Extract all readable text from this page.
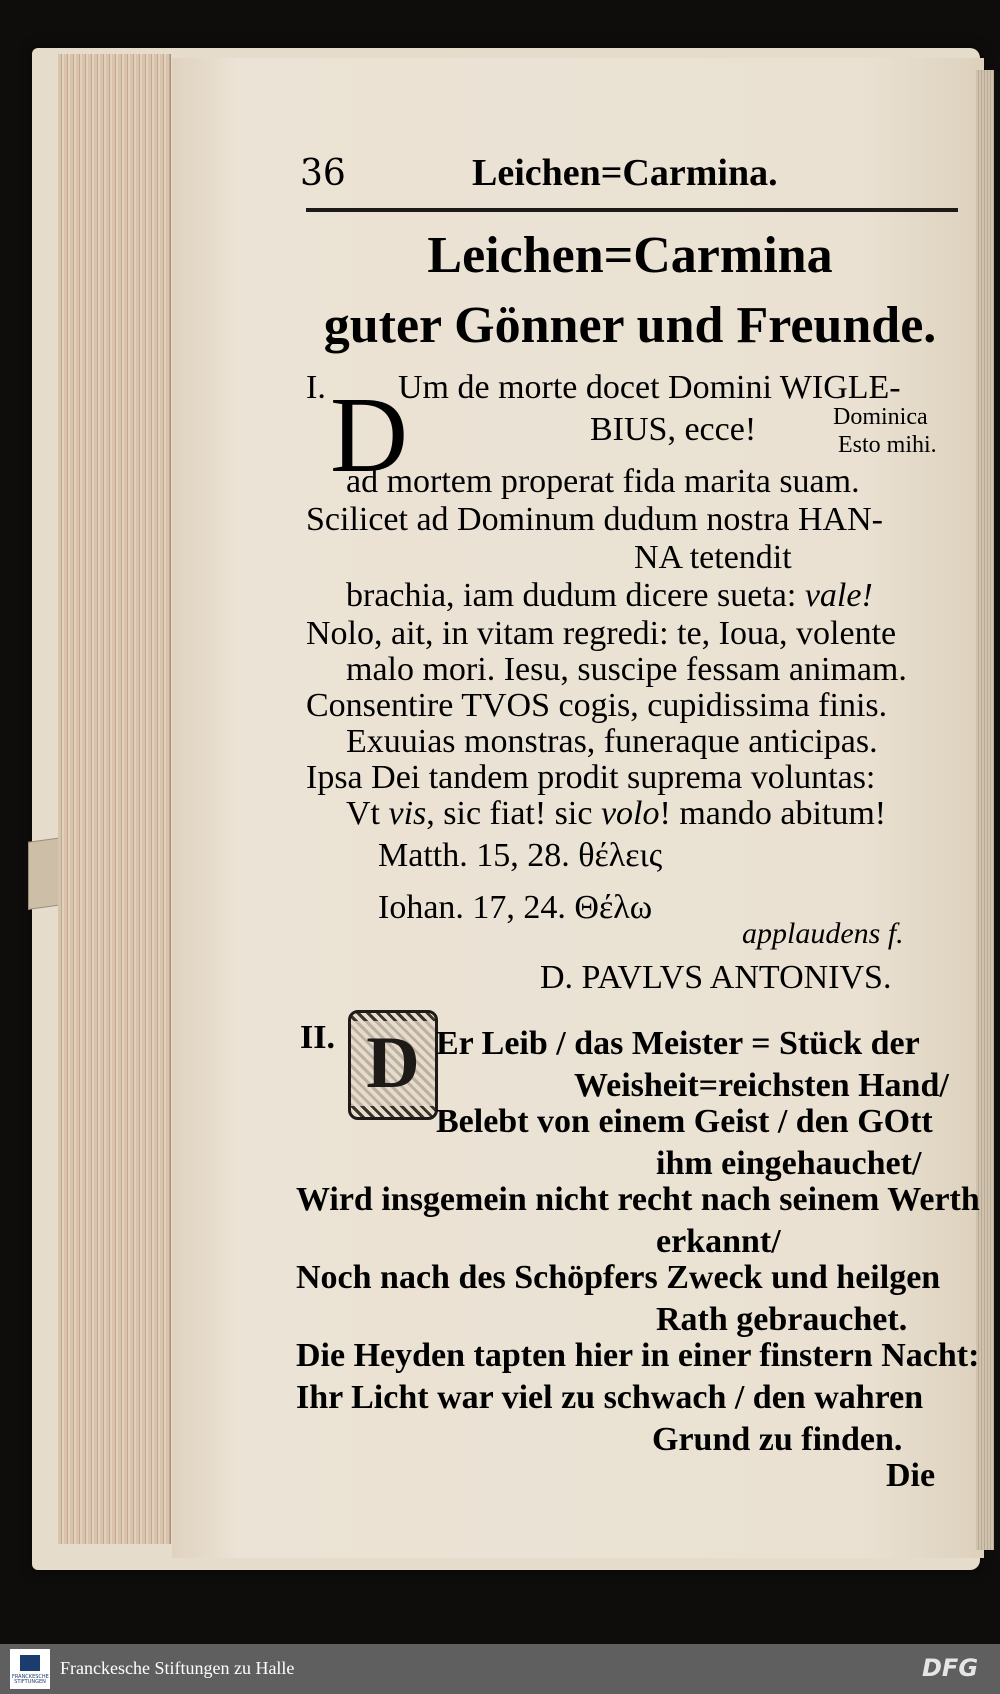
36	Leichen=Carmina.
Leichen=Carmina
guter Gönner und Freunde.
I. D
Um de morte docet Domini WIGLE-
BIUS, ecce!	Dominica
Esto mihi.
ad mortem properat fida marita suam.
Scilicet ad Dominum dudum nostra HAN-
NA tetendit
brachia, iam dudum dicere sueta: vale!
Nolo, ait, in vitam regredi: te, Ioua, volente
malo mori. Iesu, suscipe fessam animam.
Consentire TVOS cogis, cupidissima finis.
Exuuias monstras, funeraque anticipas.
Ipsa Dei tandem prodit suprema voluntas:
Vt vis, sic fiat! sic volo! mando abitum!
Matth. 15, 28. θέλεις
Iohan. 17, 24. Θέλω
applaudens f.
D. PAVLVS ANTONIVS.
II. D Er Leib / das Meister = Stück der
Weisheit=reichsten Hand/
Belebt von einem Geist / den GOtt
ihm eingehauchet/
Wird insgemein nicht recht nach seinem Werth
erkannt/
Noch nach des Schöpfers Zweck und heilgen
Rath gebrauchet.
Die Heyden tapten hier in einer finstern Nacht:
Ihr Licht war viel zu schwach / den wahren
Grund zu finden.
Die
FRANCKESCHE STIFTUNGEN
Franckesche Stiftungen zu Halle	DFG
